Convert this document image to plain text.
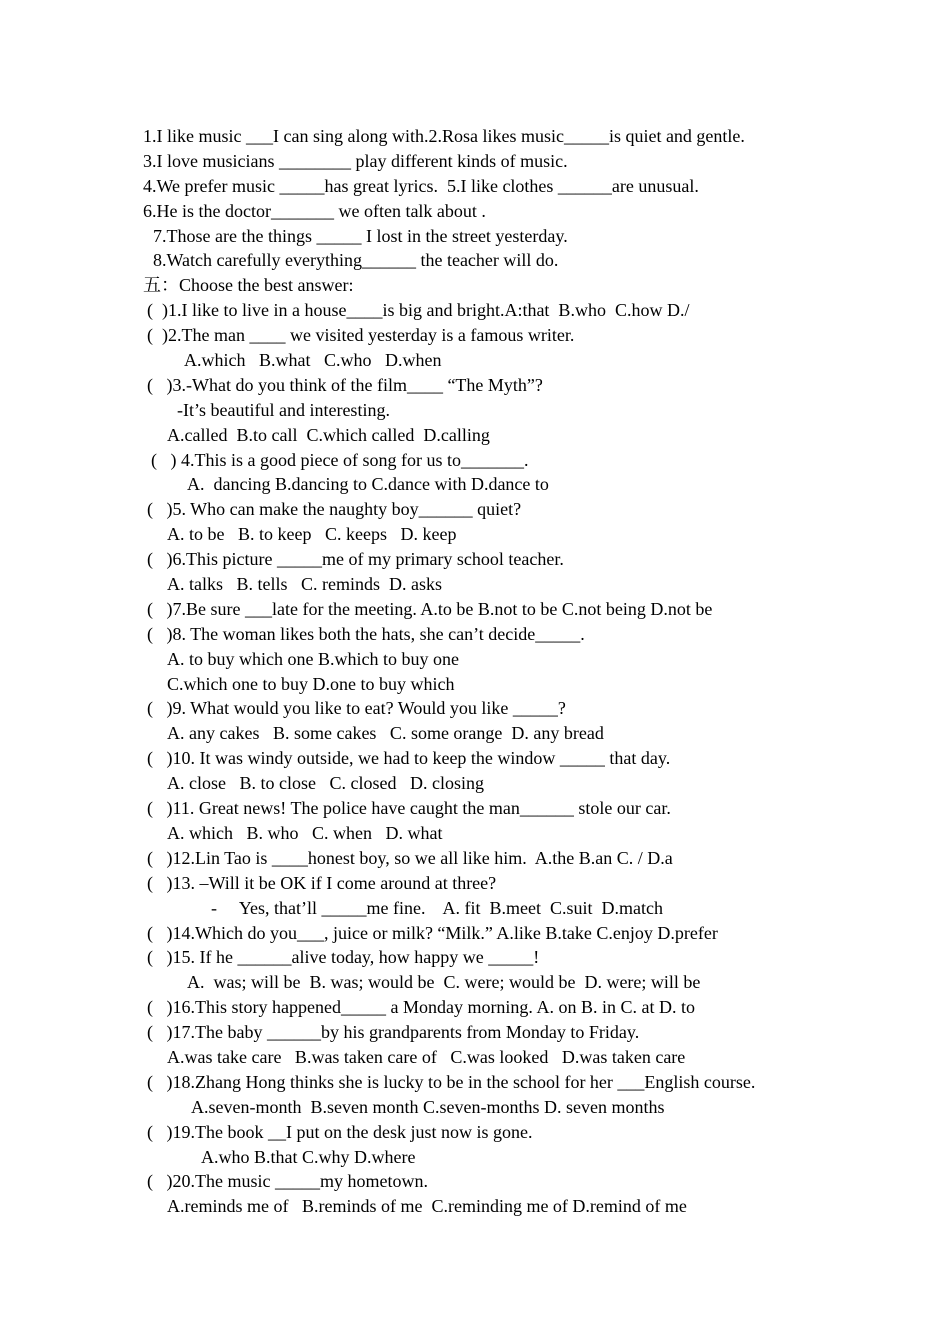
1.I like music ___I can sing along with.2.Rosa likes music_____is quiet and gentle.
3.I love musicians ________ play different kinds of music.
4.We prefer music _____has great lyrics.  5.I like clothes ______are unusual.
6.He is the doctor_______ we often talk about .
7.Those are the things _____ I lost in the street yesterday.
8.Watch carefully everything______ the teacher will do.
五：Choose the best answer:
(  )1.I like to live in a house____is big and bright.A:that  B.who  C.how D./
(  )2.The man ____ we visited yesterday is a famous writer.
A.which   B.what   C.who   D.when
(   )3.-What do you think of the film____ “The Myth”?
-It’s beautiful and interesting.
A.called  B.to call  C.which called  D.calling
(   ) 4.This is a good piece of song for us to_______.
A.  dancing B.dancing to C.dance with D.dance to
(   )5. Who can make the naughty boy______ quiet?
A. to be   B. to keep   C. keeps   D. keep
(   )6.This picture _____me of my primary school teacher.
A. talks   B. tells   C. reminds  D. asks
(   )7.Be sure ___late for the meeting. A.to be B.not to be C.not being D.not be
(   )8. The woman likes both the hats, she can’t decide_____.
A. to buy which one B.which to buy one
C.which one to buy D.one to buy which
(   )9. What would you like to eat? Would you like _____?
A. any cakes   B. some cakes   C. some orange  D. any bread
(   )10. It was windy outside, we had to keep the window _____ that day.
A. close   B. to close   C. closed   D. closing
(   )11. Great news! The police have caught the man______ stole our car.
A. which   B. who   C. when   D. what
(   )12.Lin Tao is ____honest boy, so we all like him.  A.the B.an C. / D.a
(   )13. –Will it be OK if I come around at three?
-     Yes, that’ll _____me fine.    A. fit  B.meet  C.suit  D.match
(   )14.Which do you___, juice or milk? “Milk.” A.like B.take C.enjoy D.prefer
(   )15. If he ______alive today, how happy we _____!
A.  was; will be  B. was; would be  C. were; would be  D. were; will be
(   )16.This story happened_____ a Monday morning. A. on B. in C. at D. to
(   )17.The baby ______by his grandparents from Monday to Friday.
A.was take care   B.was taken care of   C.was looked   D.was taken care
(   )18.Zhang Hong thinks she is lucky to be in the school for her ___English course.
A.seven-month  B.seven month C.seven-months D. seven months
(   )19.The book __I put on the desk just now is gone.
A.who B.that C.why D.where
(   )20.The music _____my hometown.
A.reminds me of   B.reminds of me  C.reminding me of D.remind of me
